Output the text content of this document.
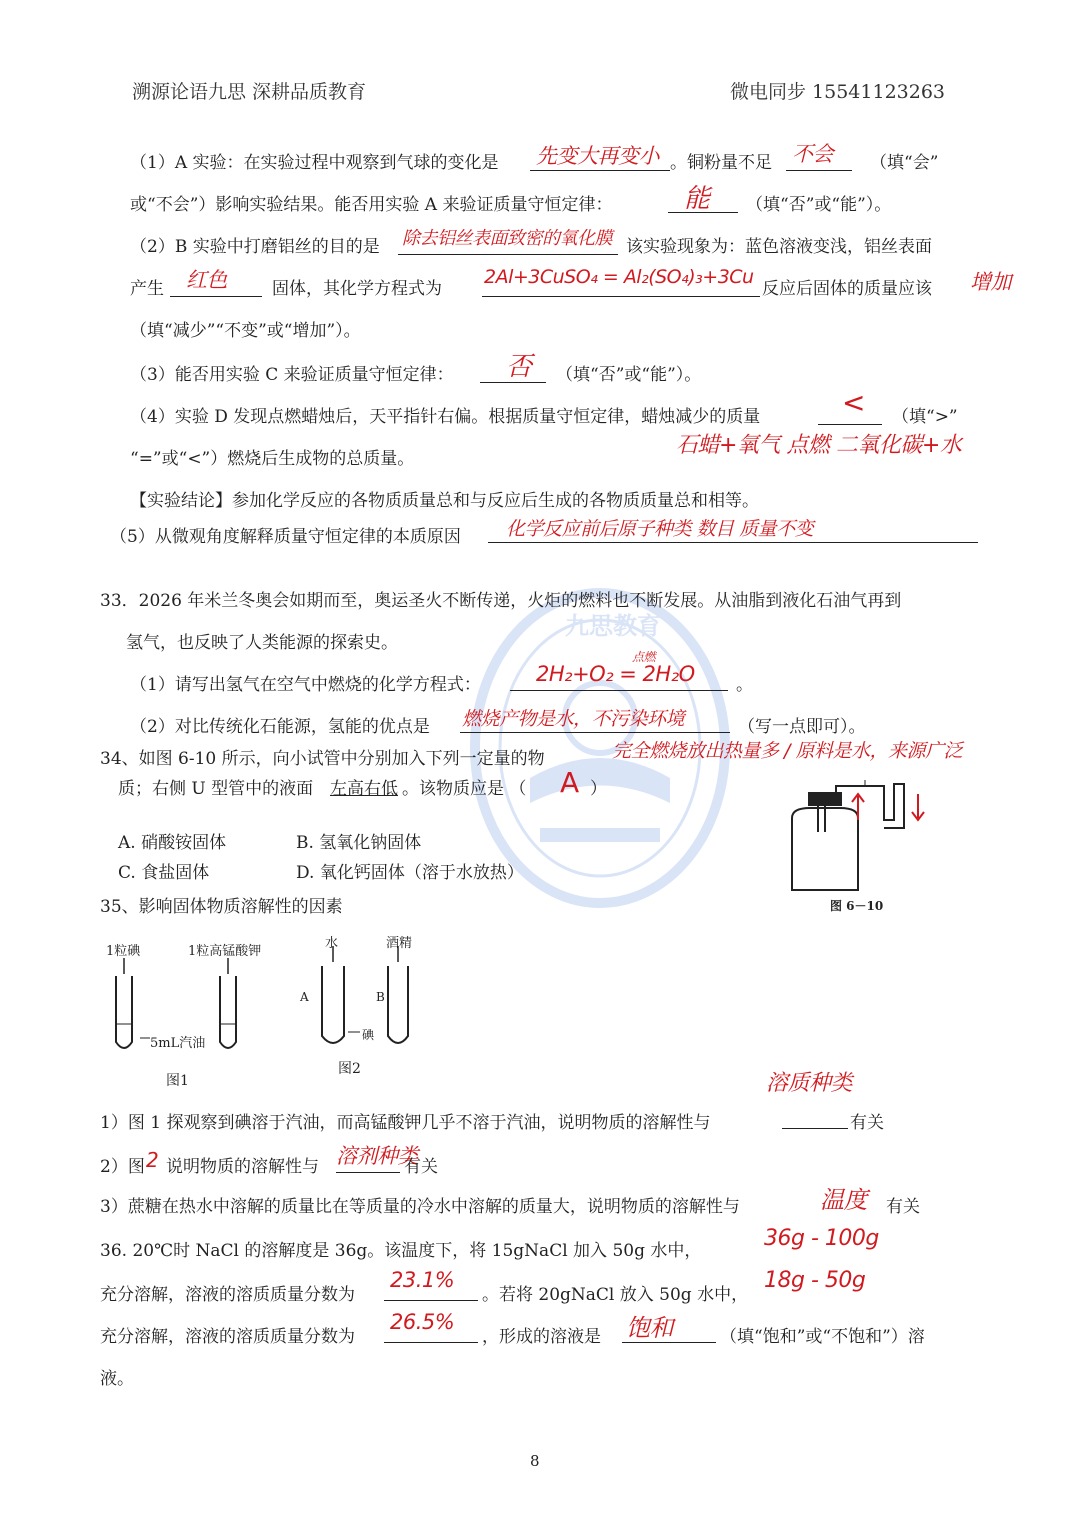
溯源论语九思 深耕品质教育	微电同步 15541123263
九思教育
（1）A 实验：在实验过程中观察到气球的变化是 先变大再变小 。铜粉量不足 不会 （填“会”
或“不会”）影响实验结果。能否用实验 A 来验证质量守恒定律：	能 （填“否”或“能”）。
（2）B 实验中打磨铝丝的目的是 除去铝丝表面致密的氧化膜 该实验现象为：蓝色溶液变浅，铝丝表面
产生 红色	固体，其化学方程式为
2Al+3CuSO₄ = Al₂(SO₄)₃+3Cu
反应后固体的质量应该 增加
（填“减少”“不变”或“增加”）。
（3）能否用实验 C 来验证质量守恒定律： 否 （填“否”或“能”）。
（4）实验 D 发现点燃蜡烛后，天平指针右偏。根据质量守恒定律，蜡烛减少的质量	< （填“>”
“=”或“<”）燃烧后生成物的总质量。
石蜡+氧气 点燃 二氧化碳+水
【实验结论】参加化学反应的各物质质量总和与反应后生成的各物质质量总和相等。
（5）从微观角度解释质量守恒定律的本质原因 化学反应前后原子种类 数目 质量不变
33．2026 年米兰冬奥会如期而至，奥运圣火不断传递，火炬的燃料也不断发展。从油脂到液化石油气再到
氢气，也反映了人类能源的探索史。
（1）请写出氢气在空气中燃烧的化学方程式：
点燃
2H₂+O₂ = 2H₂O 。
（2）对比传统化石能源，氢能的优点是 燃烧产物是水，不污染环境	（写一点即可）。
34、如图 6-10 所示，向小试管中分别加入下列一定量的物	完全燃烧放出热量多 / 原料是水，来源广泛
质；右侧 U 型管中的液面 左高右低 。该物质应是 （ A ）
A. 硝酸铵固体	B. 氢氧化钠固体
C. 食盐固体	D. 氧化钙固体（溶于水放热）
图 6－10
35、影响固体物质溶解性的因素
1粒碘	1粒高锰酸钾
5mL汽油
图1
水	酒精
A	B
碘
图2
溶质种类
1）图 1 探观察到碘溶于汽油，而高锰酸钾几乎不溶于汽油，说明物质的溶解性与	有关
2）图 2 说明物质的溶解性与 溶剂种类
有关
3）蔗糖在热水中溶解的质量比在等质量的冷水中溶解的质量大，说明物质的溶解性与	温度 有关
36. 20℃时 NaCl 的溶解度是 36g。该温度下，将 15gNaCl 加入 50g 水中，	36g - 100g
充分溶解，溶液的溶质质量分数为
23.1%
。若将 20gNaCl 放入 50g 水中，
18g - 50g
充分溶解，溶液的溶质质量分数为
26.5%
，形成的溶液是 饱和	（填“饱和”或“不饱和”）溶
液。
8
